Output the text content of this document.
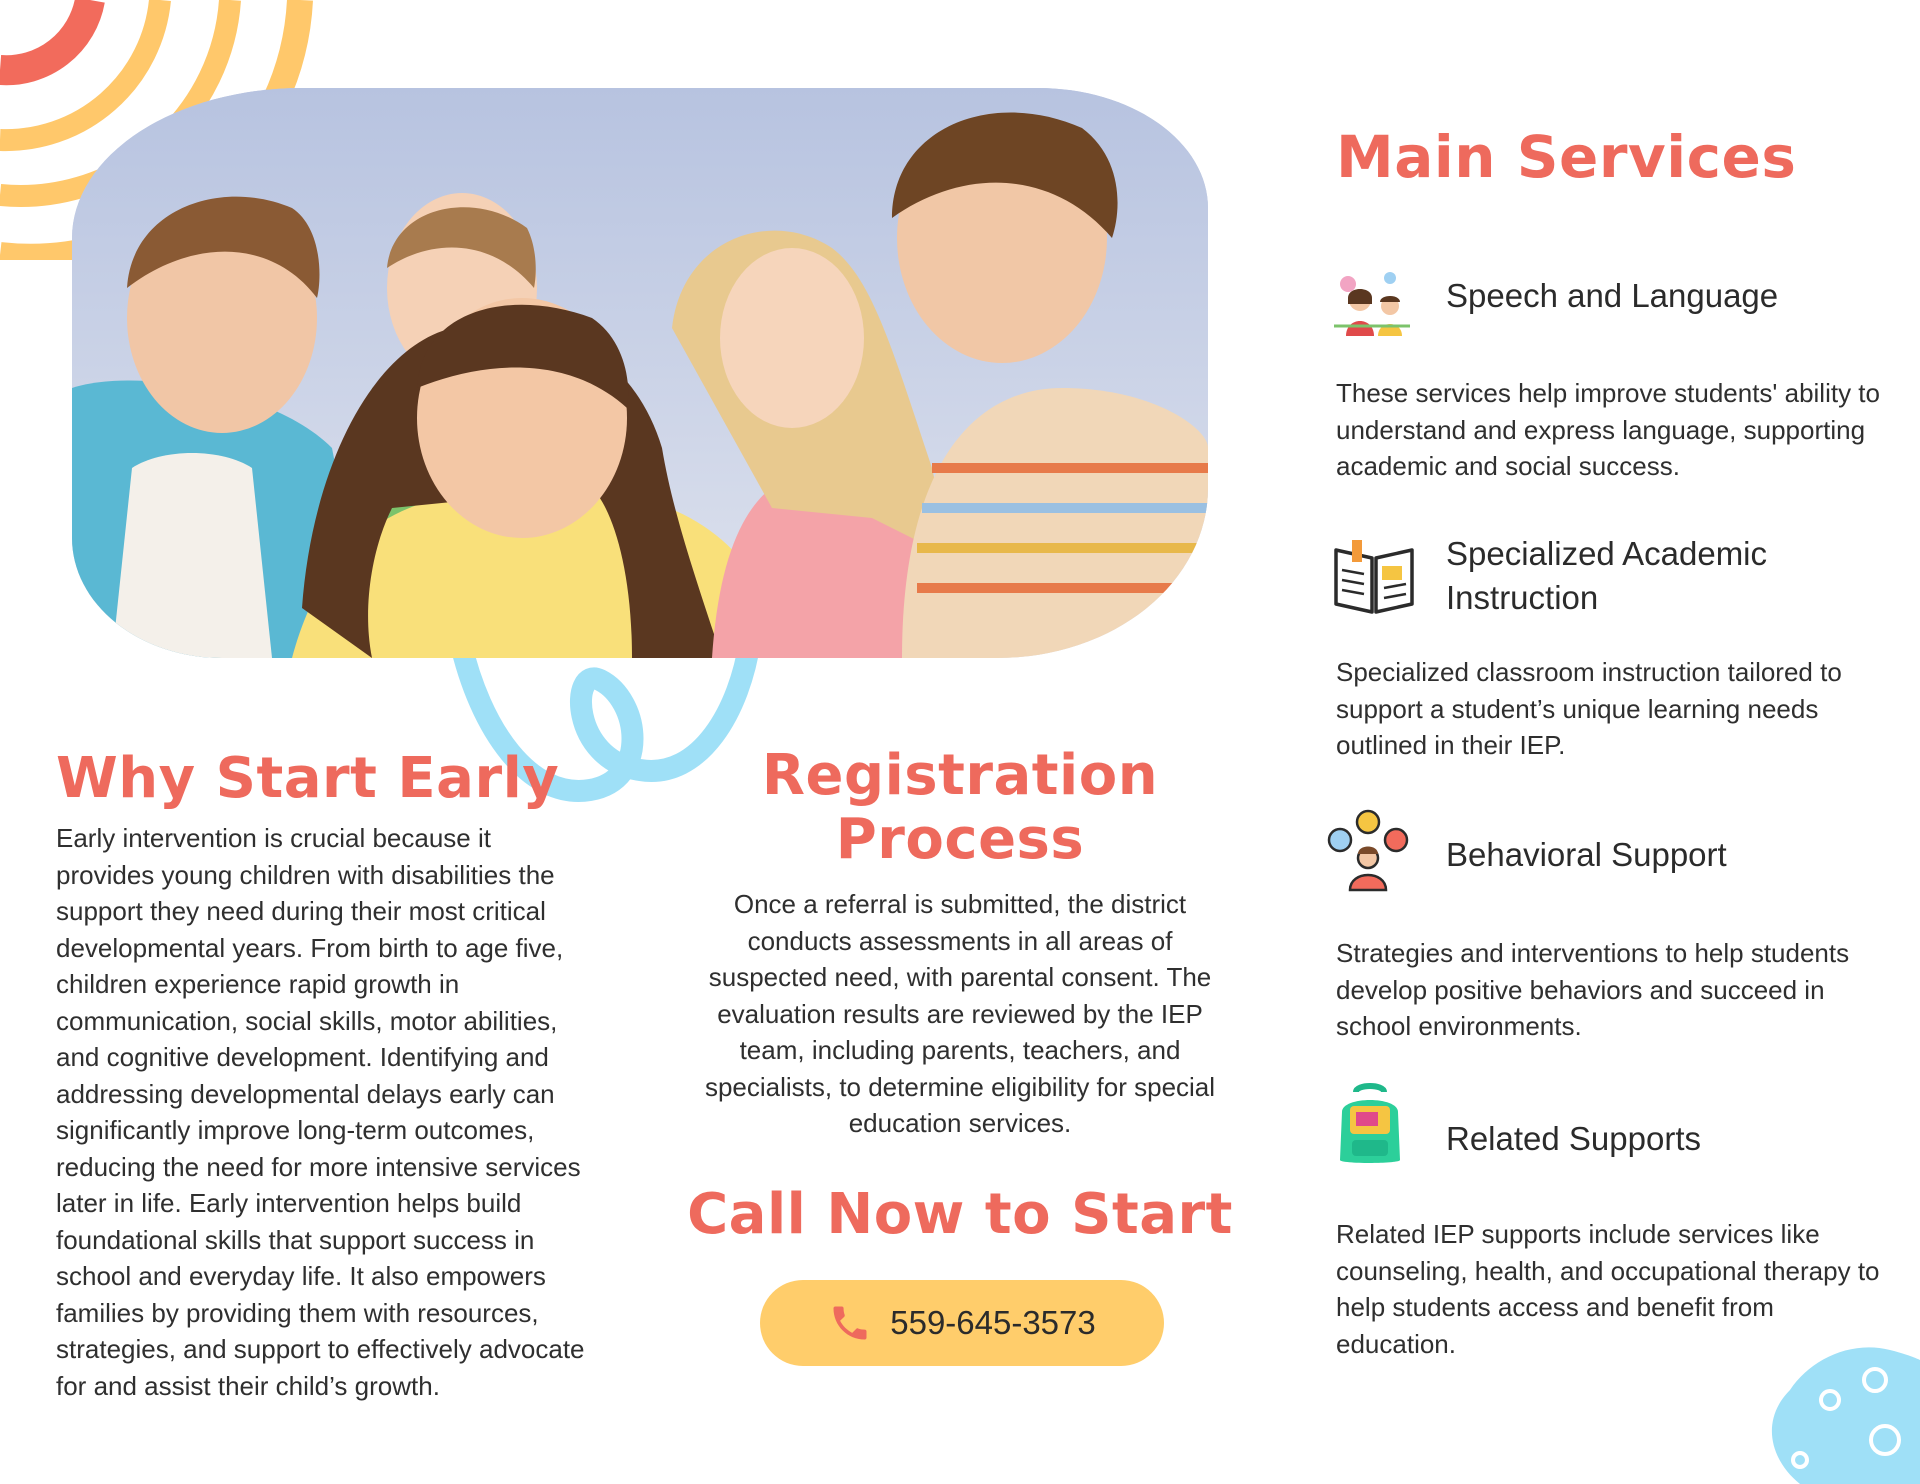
Why Start Early

Early intervention is crucial because it provides young children with disabilities the support they need during their most critical developmental years. From birth to age five, children experience rapid growth in communication, social skills, motor abilities, and cognitive development. Identifying and addressing developmental delays early can significantly improve long-term outcomes, reducing the need for more intensive services later in life. Early intervention helps build foundational skills that support success in school and everyday life. It also empowers families by providing them with resources, strategies, and support to effectively advocate for and assist their child’s growth.

Registration Process

Once a referral is submitted, the district conducts assessments in all areas of suspected need, with parental consent. The evaluation results are reviewed by the IEP team, including parents, teachers, and specialists, to determine eligibility for special education services.

Call Now to Start
559-645-3573
Main Services

Speech and Language

These services help improve students' ability to understand and express language, supporting academic and social success.

Specialized Academic Instruction

Specialized classroom instruction tailored to support a student’s unique learning needs outlined in their IEP.

Behavioral Support

Strategies and interventions to help students develop positive behaviors and succeed in school environments.

Related Supports

Related IEP supports include services like counseling, health, and occupational therapy to help students access and benefit from education.
